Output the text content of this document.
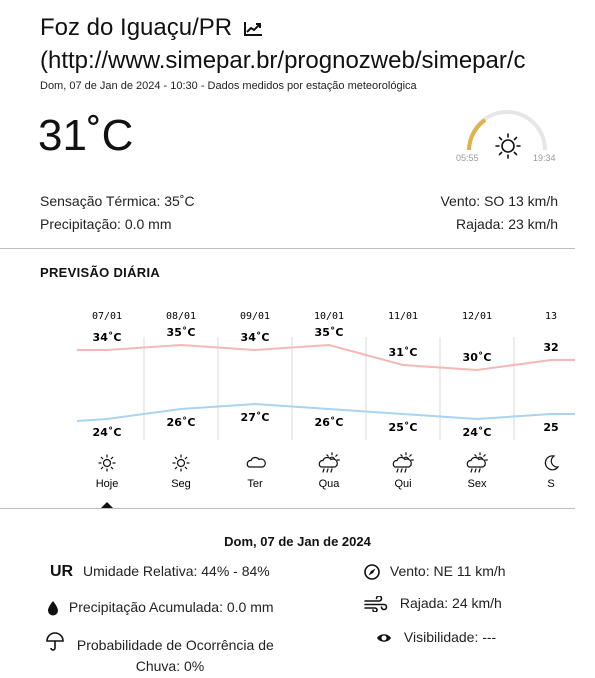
Foz do Iguaçu/PR
(http://www.simepar.br/prognozweb/simepar/c
Dom, 07 de Jan de 2024 - 10:30 - Dados medidos por estação meteorológica
31˚C	05:55	19:34
Sensação Térmica: 35˚C
Precipitação: 0.0 mm
Vento: SO 13 km/h
Rajada: 23 km/h
PREVISÃO DIÁRIA
07/01
34˚C
24˚C
Hoje
08/01
35˚C
26˚C
Seg
09/01
34˚C
27˚C
Ter
10/01
35˚C
26˚C
Qua
11/01
31˚C
25˚C
Qui
12/01
30˚C
24˚C
Sex
13
32
25
S
Dom, 07 de Jan de 2024
UR Umidade Relativa: 44% - 84%
Precipitação Acumulada: 0.0 mm
Probabilidade de Ocorrência de
Chuva: 0%
Vento: NE 11 km/h
Rajada: 24 km/h
Visibilidade: ---
